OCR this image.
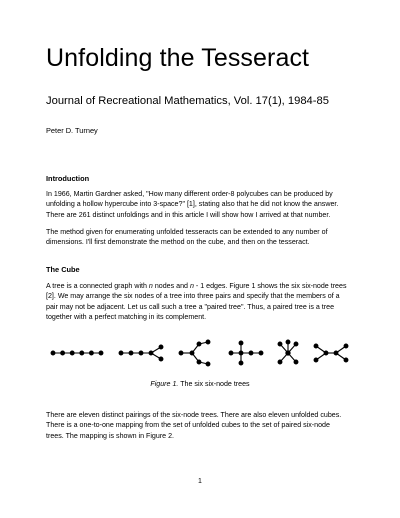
Unfolding the Tesseract
Journal of Recreational Mathematics, Vol. 17(1), 1984-85
Peter D. Turney
Introduction
In 1966, Martin Gardner asked, "How many different order-8 polycubes can be produced by
unfolding a hollow hypercube into 3-space?" [1], stating also that he did not know the answer.
There are 261 distinct unfoldings and in this article I will show how I arrived at that number.
The method given for enumerating unfolded tesseracts can be extended to any number of
dimensions. I'll first demonstrate the method on the cube, and then on the tesseract.
The Cube
A tree is a connected graph with n nodes and n - 1 edges. Figure 1 shows the six six-node trees
[2]. We may arrange the six nodes of a tree into three pairs and specify that the members of a
pair may not be adjacent. Let us call such a tree a "paired tree". Thus, a paired tree is a tree
together with a perfect matching in its complement.
Figure 1. The six six-node trees
There are eleven distinct pairings of the six-node trees. There are also eleven unfolded cubes.
There is a one-to-one mapping from the set of unfolded cubes to the set of paired six-node
trees. The mapping is shown in Figure 2.
1
